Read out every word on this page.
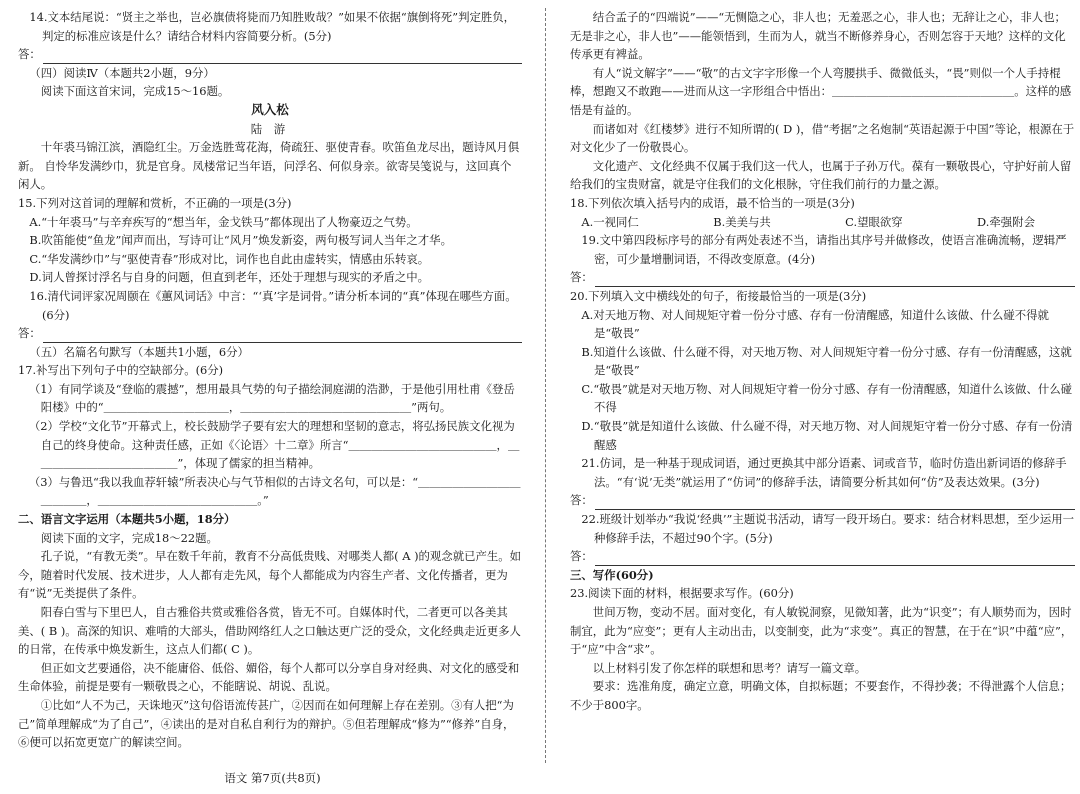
14.文本结尾说：“贤主之举也，岂必旗债将毙而乃知胜败哉？”如果不依据“旗倒将死”判定胜负，判定的标准应该是什么？请结合材料内容简要分析。(5分)

答：

（四）阅读Ⅳ（本题共2小题，9分）

阅读下面这首宋词，完成15～16题。

风入松

陆 游

十年裘马锦江滨，酒隐红尘。万金选胜莺花海，倚疏狂、驱使青春。吹笛鱼龙尽出，题诗风月俱新。 自怜华发满纱巾，犹是官身。凤楼常记当年语，问浮名、何似身亲。欲寄吴笺说与，这回真个闲人。

15.下列对这首词的理解和赏析，不正确的一项是(3分)

A.“十年裘马”与辛弃疾写的“想当年，金戈铁马”都体现出了人物豪迈之气势。

B.吹笛能使“鱼龙”闻声而出，写诗可让“风月”焕发新姿，两句极写词人当年之才华。

C.“华发满纱巾”与“驱使青春”形成对比，词作也自此由虚转实，情感由乐转哀。

D.词人曾探讨浮名与自身的问题，但直到老年，还处于理想与现实的矛盾之中。

16.清代词评家况周颐在《蕙风词话》中言：“‘真’字是词骨。”请分析本词的“真”体现在哪些方面。(6分)

答：

（五）名篇名句默写（本题共1小题，6分）

17.补写出下列句子中的空缺部分。(6分)

（1）有同学谈及“登临的震撼”，想用最具气势的句子描绘洞庭湖的浩渺，于是他引用杜甫《登岳阳楼》中的“＿＿＿＿＿＿＿＿＿＿＿，＿＿＿＿＿＿＿＿＿＿＿＿＿＿＿”两句。

（2）学校“文化节”开幕式上，校长鼓励学子要有宏大的理想和坚韧的意志，将弘扬民族文化视为自己的终身使命。这种责任感，正如《〈论语〉十二章》所言“＿＿＿＿＿＿＿＿＿＿＿＿＿，＿＿＿＿＿＿＿＿＿＿＿＿＿”，体现了儒家的担当精神。

（3）与鲁迅“我以我血荐轩辕”所表决心与气节相似的古诗文名句，可以是：“＿＿＿＿＿＿＿＿＿＿＿＿＿，＿＿＿＿＿＿＿＿＿＿＿＿＿＿。”

二、语言文字运用（本题共5小题，18分）

阅读下面的文字，完成18～22题。

孔子说，“有教无类”。早在数千年前，教育不分高低贵贱、对哪类人都( A )的观念就已产生。如今，随着时代发展、技术进步，人人都有走先风，每个人都能成为内容生产者、文化传播者，更为有“说”无类提供了条件。

阳春白雪与下里巴人，自古雅俗共赏或雅俗各赏，皆无不可。自媒体时代，二者更可以各美其美、( B )。高深的知识、难啃的大部头，借助网络红人之口触达更广泛的受众，文化经典走近更多人的日常，在传承中焕发新生，这点人们都( C )。

但正如文艺要通俗，决不能庸俗、低俗、媚俗，每个人都可以分享自身对经典、对文化的感受和生命体验，前提是要有一颗敬畏之心，不能瞎说、胡说、乱说。

①比如“人不为己，天诛地灭”这句俗语流传甚广，②因而在如何理解上存在差别。③有人把“为己”简单理解成“为了自己”，④读出的是对自私自利行为的辩护。⑤但若理解成“修为”“修养”自身，⑥便可以拓宽更宽广的解读空间。

结合孟子的“四端说”——“无恻隐之心，非人也；无羞恶之心，非人也；无辞让之心，非人也；无是非之心，非人也”——能领悟到，生而为人，就当不断修养身心，否则怎容于天地？这样的文化传承更有裨益。

有人“说文解字”——“敬”的古文字字形像一个人弯腰拱手、微微低头，“畏”则似一个人手持棍棒，想跑又不敢跑——进而从这一字形组合中悟出：＿＿＿＿＿＿＿＿＿＿＿＿＿＿＿＿。这样的感悟是有益的。

而诸如对《红楼梦》进行不知所谓的( D )，借“考据”之名炮制“英语起源于中国”等论，根源在于对文化少了一份敬畏心。

文化遗产、文化经典不仅属于我们这一代人，也属于子孙万代。葆有一颗敬畏心，守护好前人留给我们的宝贵财富，就是守住我们的文化根脉，守住我们前行的力量之源。

18.下列依次填入括号内的成语，最不恰当的一项是(3分)

A.一视同仁	B.美美与共	C.望眼欲穿	D.牵强附会

19.文中第四段标序号的部分有两处表述不当，请指出其序号并做修改，使语言准确流畅，逻辑严密，可少量增删词语，不得改变原意。(4分)

答：

20.下列填入文中横线处的句子，衔接最恰当的一项是(3分)

A.对天地万物、对人间规矩守着一份分寸感、存有一份清醒感，知道什么该做、什么碰不得就是“敬畏”

B.知道什么该做、什么碰不得，对天地万物、对人间规矩守着一份分寸感、存有一份清醒感，这就是“敬畏”

C.“敬畏”就是对天地万物、对人间规矩守着一份分寸感、存有一份清醒感，知道什么该做、什么碰不得

D.“敬畏”就是知道什么该做、什么碰不得，对天地万物、对人间规矩守着一份分寸感、存有一份清醒感

21.仿词，是一种基于现成词语，通过更换其中部分语素、词或音节，临时仿造出新词语的修辞手法。“有‘说’无类”就运用了“仿词”的修辞手法，请简要分析其如何“仿”及表达效果。(3分)

答：

22.班级计划举办“我说‘经典’”主题说书活动，请写一段开场白。要求：结合材料思想，至少运用一种修辞手法，不超过90个字。(5分)

答：

三、写作(60分)

23.阅读下面的材料，根据要求写作。(60分)

世间万物，变动不居。面对变化，有人敏锐洞察，见微知著，此为“识变”；有人顺势而为，因时制宜，此为“应变”；更有人主动出击，以变制变，此为“求变”。真正的智慧，在于在“识”中蕴“应”，于“应”中含“求”。

以上材料引发了你怎样的联想和思考？请写一篇文章。

要求：选准角度，确定立意，明确文体，自拟标题；不要套作，不得抄袭；不得泄露个人信息；不少于800字。

语文 第7页(共8页)
